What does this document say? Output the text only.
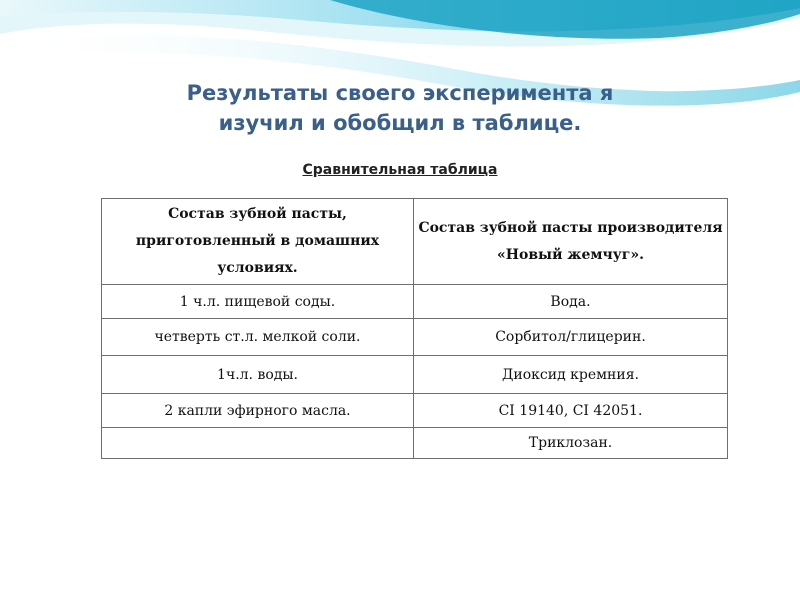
Результаты своего эксперимента я
изучил и обобщил в таблице.
Сравнительная таблица
Состав зубной пасты, приготовленный в домашних условиях.	Состав зубной пасты производителя «Новый жемчуг».
1 ч.л. пищевой соды.	Вода.
четверть ст.л. мелкой соли.	Сорбитол/глицерин.
1ч.л. воды.	Диоксид кремния.
2 капли эфирного масла.	CI 19140, CI 42051.
	Триклозан.
